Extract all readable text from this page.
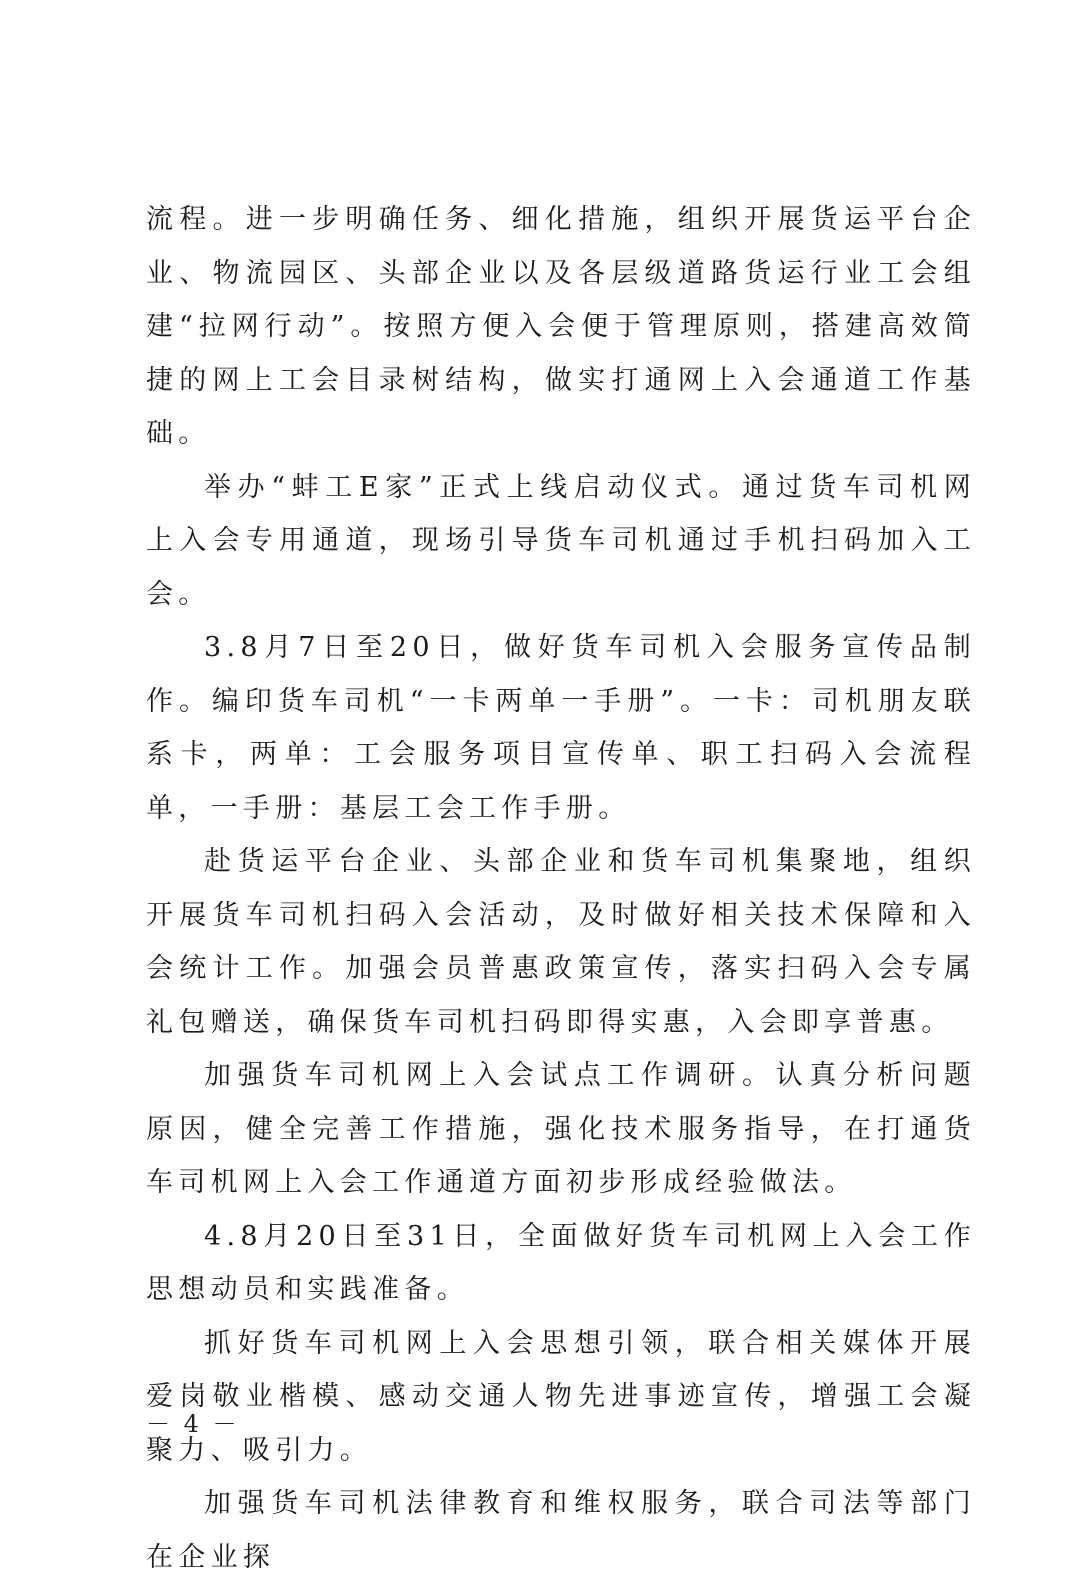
流程。进一步明确任务、细化措施，组织开展货运平台企业、物流园区、头部企业以及各层级道路货运行业工会组建“拉网行动”。按照方便入会便于管理原则，搭建高效简捷的网上工会目录树结构，做实打通网上入会通道工作基础。

举办“蚌工E家”正式上线启动仪式。通过货车司机网上入会专用通道，现场引导货车司机通过手机扫码加入工会。

3.8月7日至20日，做好货车司机入会服务宣传品制作。编印货车司机“一卡两单一手册”。一卡：司机朋友联系卡，两单：工会服务项目宣传单、职工扫码入会流程单，一手册：基层工会工作手册。

赴货运平台企业、头部企业和货车司机集聚地，组织开展货车司机扫码入会活动，及时做好相关技术保障和入会统计工作。加强会员普惠政策宣传，落实扫码入会专属礼包赠送，确保货车司机扫码即得实惠，入会即享普惠。

加强货车司机网上入会试点工作调研。认真分析问题原因，健全完善工作措施，强化技术服务指导，在打通货车司机网上入会工作通道方面初步形成经验做法。

4.8月20日至31日，全面做好货车司机网上入会工作思想动员和实践准备。

抓好货车司机网上入会思想引领，联合相关媒体开展爱岗敬业楷模、感动交通人物先进事迹宣传，增强工会凝聚力、吸引力。

加强货车司机法律教育和维权服务，联合司法等部门在企业探

－ 4 －
